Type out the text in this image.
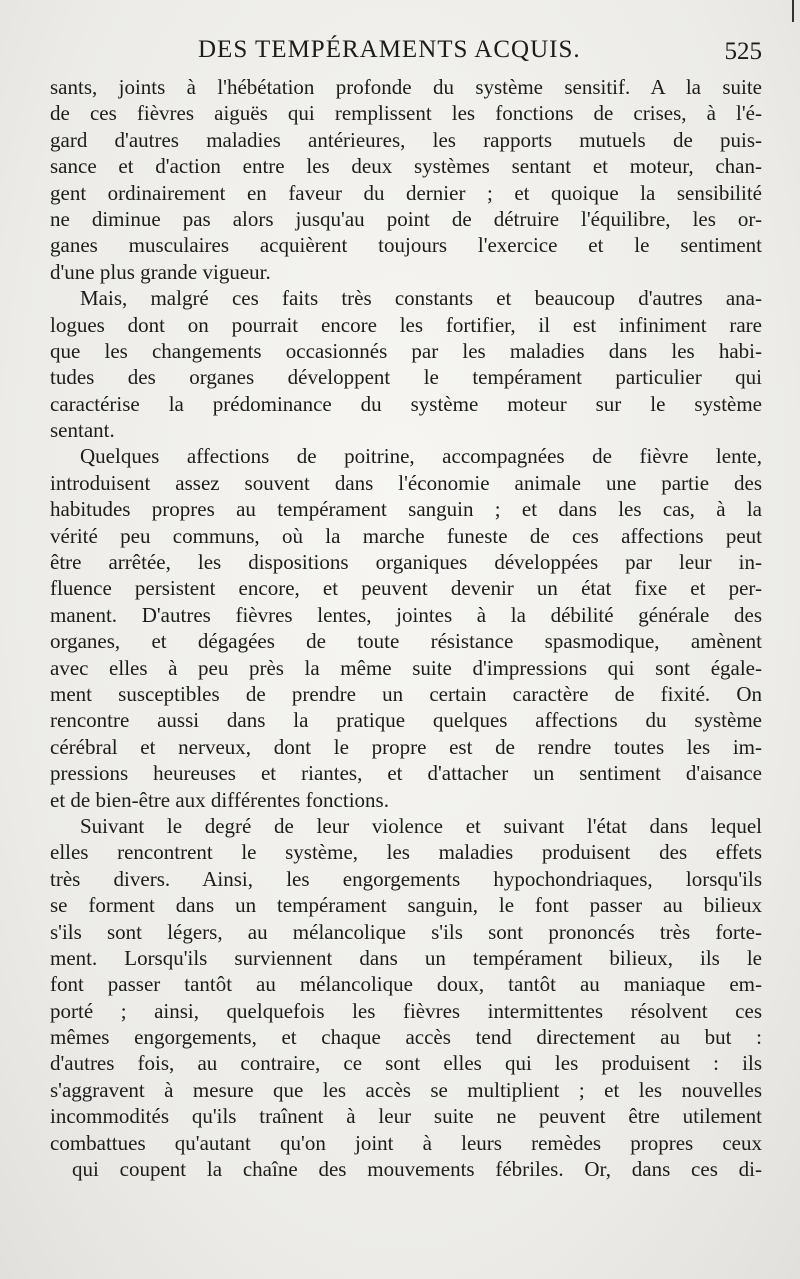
DES TEMPÉRAMENTS ACQUIS.	525

sants, joints à l'hébétation profonde du système sensitif. A la suite
de ces fièvres aiguës qui remplissent les fonctions de crises, à l'é-
gard d'autres maladies antérieures, les rapports mutuels de puis-
sance et d'action entre les deux systèmes sentant et moteur, chan-
gent ordinairement en faveur du dernier ; et quoique la sensibilité
ne diminue pas alors jusqu'au point de détruire l'équilibre, les or-
ganes musculaires acquièrent toujours l'exercice et le sentiment
d'une plus grande vigueur.

Mais, malgré ces faits très constants et beaucoup d'autres ana-
logues dont on pourrait encore les fortifier, il est infiniment rare
que les changements occasionnés par les maladies dans les habi-
tudes des organes développent le tempérament particulier qui
caractérise la prédominance du système moteur sur le système
sentant.

Quelques affections de poitrine, accompagnées de fièvre lente,
introduisent assez souvent dans l'économie animale une partie des
habitudes propres au tempérament sanguin ; et dans les cas, à la
vérité peu communs, où la marche funeste de ces affections peut
être arrêtée, les dispositions organiques développées par leur in-
fluence persistent encore, et peuvent devenir un état fixe et per-
manent. D'autres fièvres lentes, jointes à la débilité générale des
organes, et dégagées de toute résistance spasmodique, amènent
avec elles à peu près la même suite d'impressions qui sont égale-
ment susceptibles de prendre un certain caractère de fixité. On
rencontre aussi dans la pratique quelques affections du système
cérébral et nerveux, dont le propre est de rendre toutes les im-
pressions heureuses et riantes, et d'attacher un sentiment d'aisance
et de bien-être aux différentes fonctions.

Suivant le degré de leur violence et suivant l'état dans lequel
elles rencontrent le système, les maladies produisent des effets
très divers. Ainsi, les engorgements hypochondriaques, lorsqu'ils
se forment dans un tempérament sanguin, le font passer au bilieux
s'ils sont légers, au mélancolique s'ils sont prononcés très forte-
ment. Lorsqu'ils surviennent dans un tempérament bilieux, ils le
font passer tantôt au mélancolique doux, tantôt au maniaque em-
porté ; ainsi, quelquefois les fièvres intermittentes résolvent ces
mêmes engorgements, et chaque accès tend directement au but :
d'autres fois, au contraire, ce sont elles qui les produisent : ils
s'aggravent à mesure que les accès se multiplient ; et les nouvelles
incommodités qu'ils traînent à leur suite ne peuvent être utilement
combattues qu'autant qu'on joint à leurs remèdes propres ceux
qui coupent la chaîne des mouvements fébriles. Or, dans ces di-
